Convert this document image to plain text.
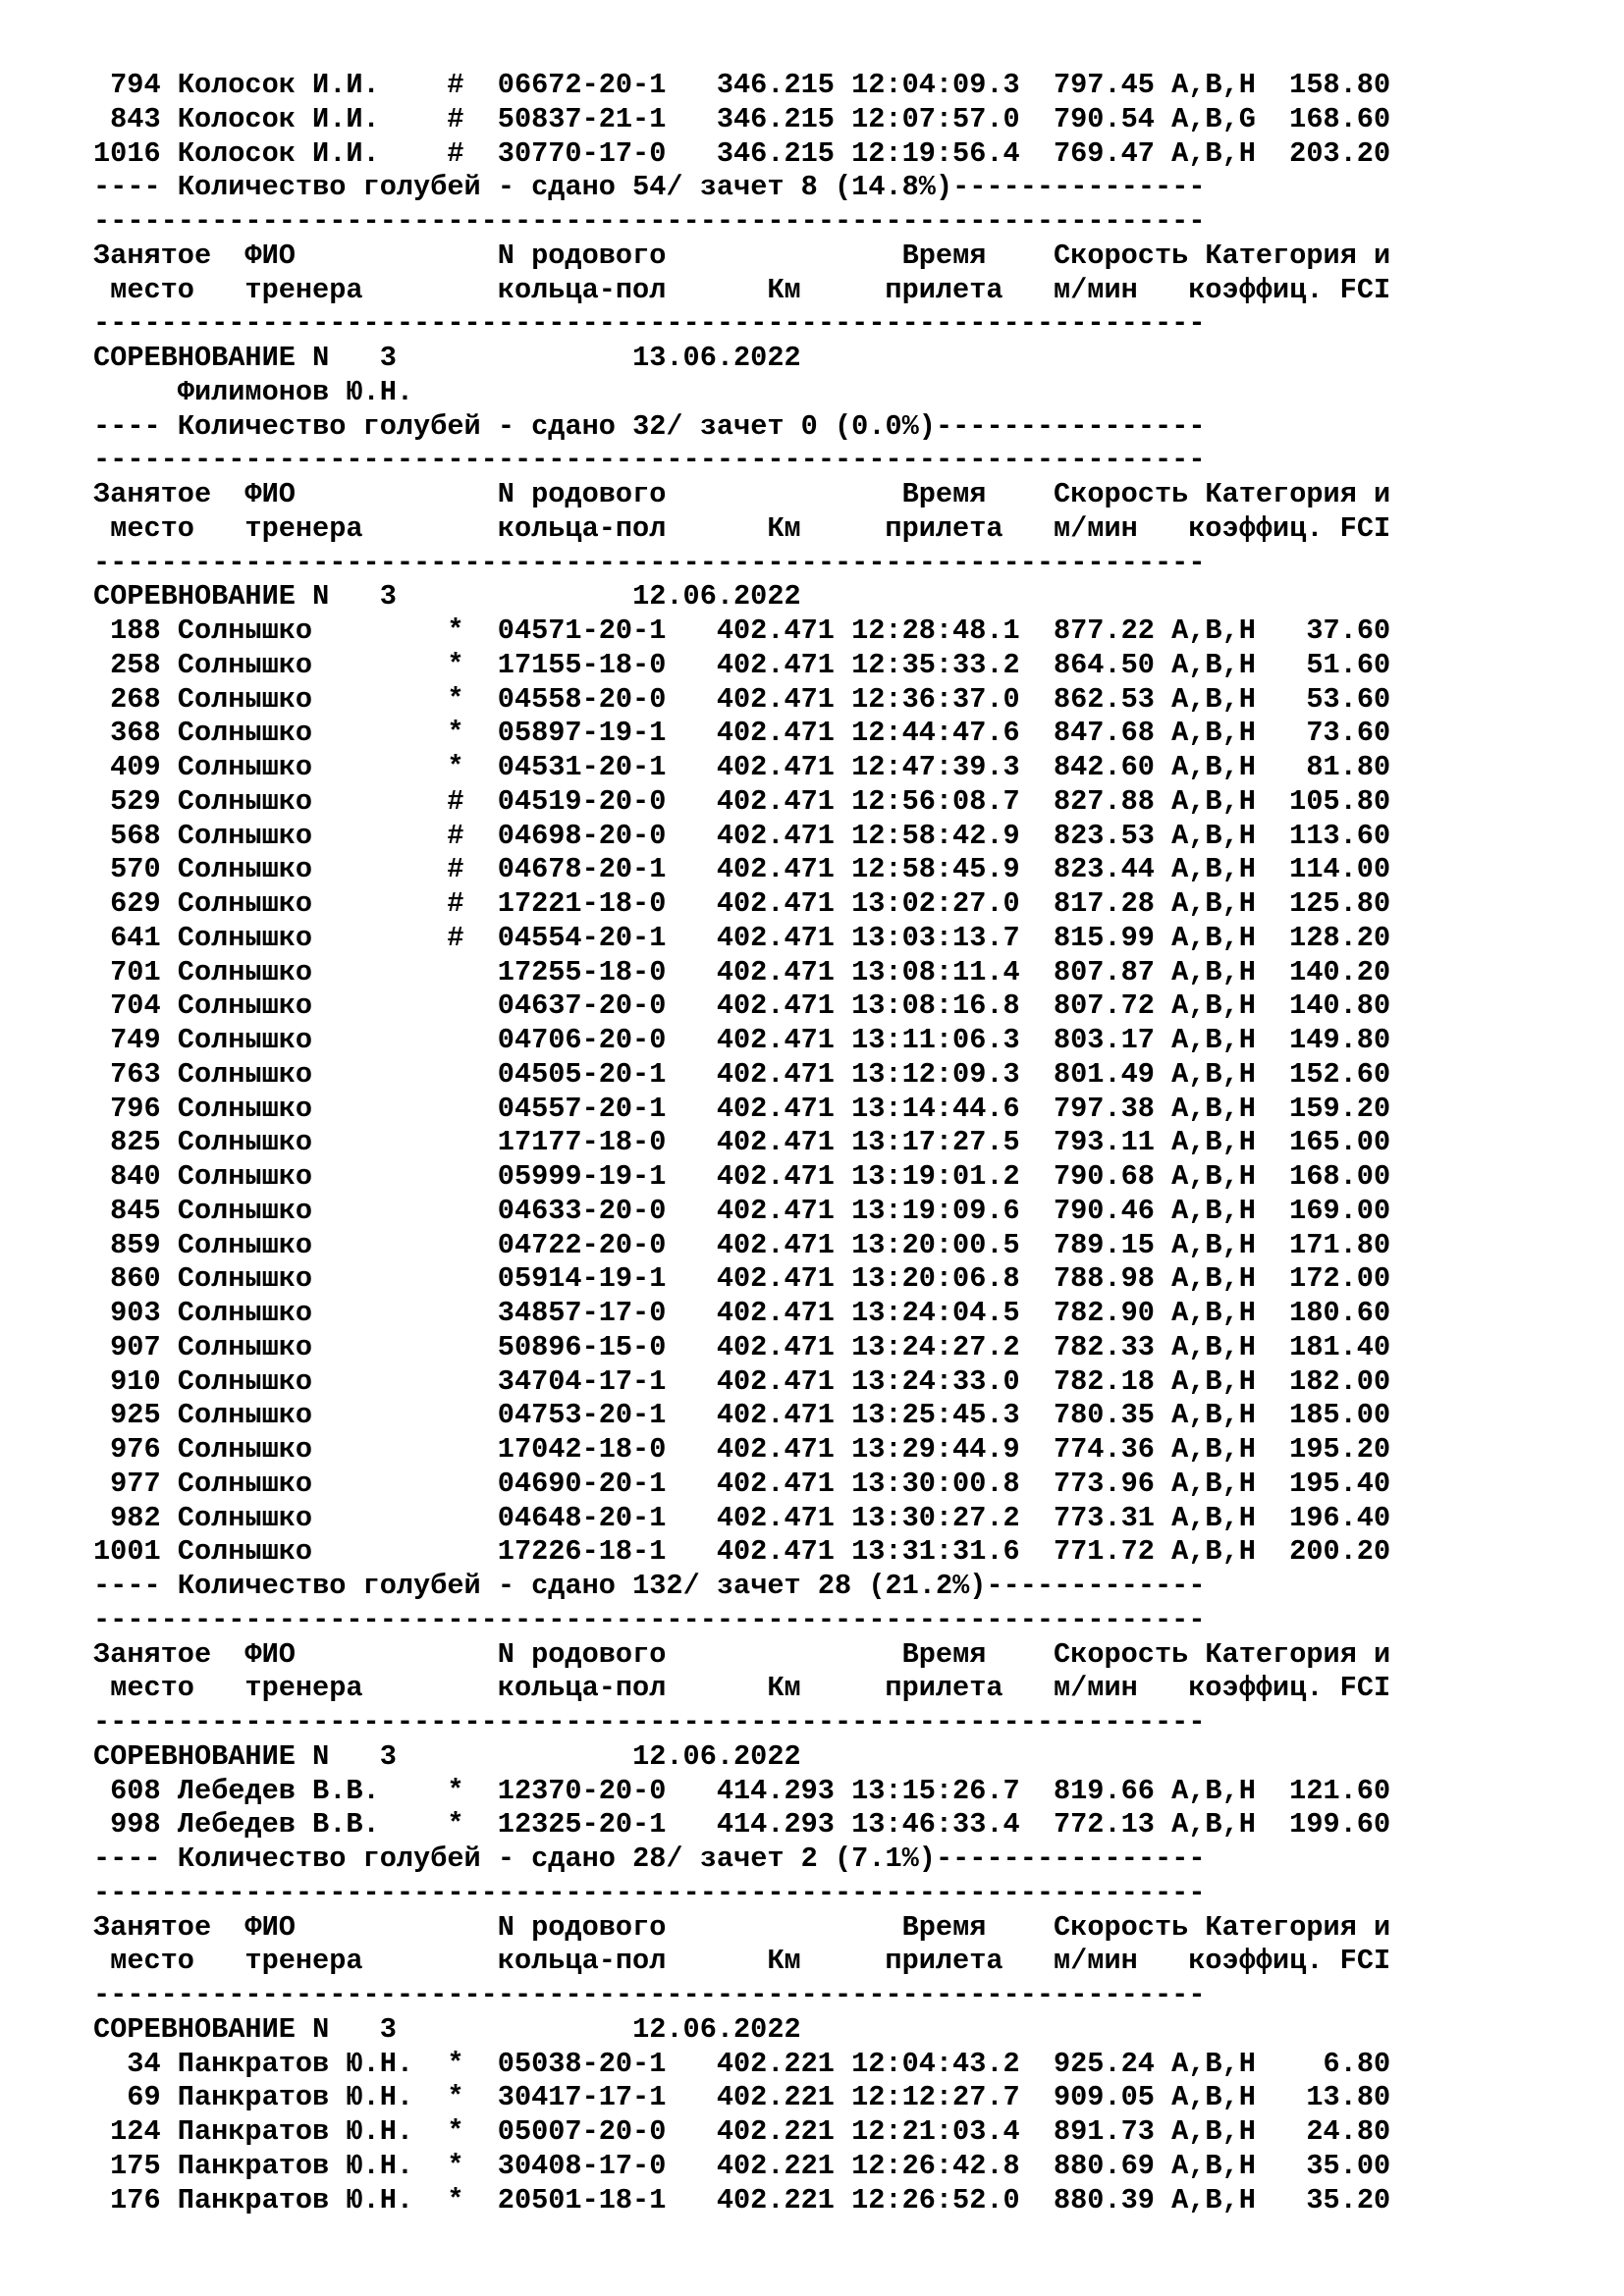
794 Колосок И.И. # 06672-20-1 346.215 12:04:09.3 797.45 A,B,H 158.80
843 Колосок И.И. # 50837-21-1 346.215 12:07:57.0 790.54 A,B,G 168.60
1016 Колосок И.И. # 30770-17-0 346.215 12:19:56.4 769.47 A,B,H 203.20
---- Количество голубей - сдано 54/ зачет 8 (14.8%)---------------
------------------------------------------------------------------
Занятое ФИО	N родового	Время Скорость Категория и
место тренера	кольца-пол	Км	прилета м/мин коэффиц. FCI
------------------------------------------------------------------
СОРЕВНОВАНИЕ N 3	13.06.2022
Филимонов Ю.Н.
---- Количество голубей - сдано 32/ зачет 0 (0.0%)----------------
------------------------------------------------------------------
Занятое ФИО	N родового	Время Скорость Категория и
место тренера	кольца-пол	Км	прилета м/мин коэффиц. FCI
------------------------------------------------------------------
СОРЕВНОВАНИЕ N 3	12.06.2022
188 Солнышко	* 04571-20-1 402.471 12:28:48.1 877.22 A,B,H 37.60
258 Солнышко	* 17155-18-0 402.471 12:35:33.2 864.50 A,B,H 51.60
268 Солнышко	* 04558-20-0 402.471 12:36:37.0 862.53 A,B,H 53.60
368 Солнышко	* 05897-19-1 402.471 12:44:47.6 847.68 A,B,H 73.60
409 Солнышко	* 04531-20-1 402.471 12:47:39.3 842.60 A,B,H 81.80
529 Солнышко	# 04519-20-0 402.471 12:56:08.7 827.88 A,B,H 105.80
568 Солнышко	# 04698-20-0 402.471 12:58:42.9 823.53 A,B,H 113.60
570 Солнышко	# 04678-20-1 402.471 12:58:45.9 823.44 A,B,H 114.00
629 Солнышко	# 17221-18-0 402.471 13:02:27.0 817.28 A,B,H 125.80
641 Солнышко	# 04554-20-1 402.471 13:03:13.7 815.99 A,B,H 128.20
701 Солнышко	17255-18-0 402.471 13:08:11.4 807.87 A,B,H 140.20
704 Солнышко	04637-20-0 402.471 13:08:16.8 807.72 A,B,H 140.80
749 Солнышко	04706-20-0 402.471 13:11:06.3 803.17 A,B,H 149.80
763 Солнышко	04505-20-1 402.471 13:12:09.3 801.49 A,B,H 152.60
796 Солнышко	04557-20-1 402.471 13:14:44.6 797.38 A,B,H 159.20
825 Солнышко	17177-18-0 402.471 13:17:27.5 793.11 A,B,H 165.00
840 Солнышко	05999-19-1 402.471 13:19:01.2 790.68 A,B,H 168.00
845 Солнышко	04633-20-0 402.471 13:19:09.6 790.46 A,B,H 169.00
859 Солнышко	04722-20-0 402.471 13:20:00.5 789.15 A,B,H 171.80
860 Солнышко	05914-19-1 402.471 13:20:06.8 788.98 A,B,H 172.00
903 Солнышко	34857-17-0 402.471 13:24:04.5 782.90 A,B,H 180.60
907 Солнышко	50896-15-0 402.471 13:24:27.2 782.33 A,B,H 181.40
910 Солнышко	34704-17-1 402.471 13:24:33.0 782.18 A,B,H 182.00
925 Солнышко	04753-20-1 402.471 13:25:45.3 780.35 A,B,H 185.00
976 Солнышко	17042-18-0 402.471 13:29:44.9 774.36 A,B,H 195.20
977 Солнышко	04690-20-1 402.471 13:30:00.8 773.96 A,B,H 195.40
982 Солнышко	04648-20-1 402.471 13:30:27.2 773.31 A,B,H 196.40
1001 Солнышко	17226-18-1 402.471 13:31:31.6 771.72 A,B,H 200.20
---- Количество голубей - сдано 132/ зачет 28 (21.2%)-------------
------------------------------------------------------------------
Занятое ФИО	N родового	Время Скорость Категория и
место тренера	кольца-пол	Км	прилета м/мин коэффиц. FCI
------------------------------------------------------------------
СОРЕВНОВАНИЕ N 3	12.06.2022
608 Лебедев В.В. * 12370-20-0 414.293 13:15:26.7 819.66 A,B,H 121.60
998 Лебедев В.В. * 12325-20-1 414.293 13:46:33.4 772.13 A,B,H 199.60
---- Количество голубей - сдано 28/ зачет 2 (7.1%)----------------
------------------------------------------------------------------
Занятое ФИО	N родового	Время Скорость Категория и
место тренера	кольца-пол	Км	прилета м/мин коэффиц. FCI
------------------------------------------------------------------
СОРЕВНОВАНИЕ N 3	12.06.2022
34 Панкратов Ю.Н. * 05038-20-1 402.221 12:04:43.2 925.24 A,B,H 6.80
69 Панкратов Ю.Н. * 30417-17-1 402.221 12:12:27.7 909.05 A,B,H 13.80
124 Панкратов Ю.Н. * 05007-20-0 402.221 12:21:03.4 891.73 A,B,H 24.80
175 Панкратов Ю.Н. * 30408-17-0 402.221 12:26:42.8 880.69 A,B,H 35.00
176 Панкратов Ю.Н. * 20501-18-1 402.221 12:26:52.0 880.39 A,B,H 35.20
